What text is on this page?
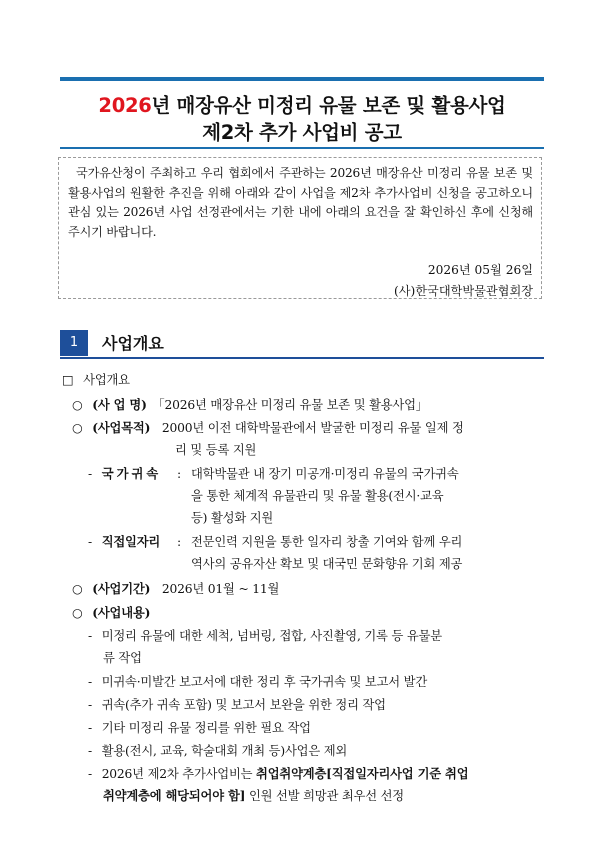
2026년 매장유산 미정리 유물 보존 및 활용사업
제2차 추가 사업비 공고
국가유산청이 주최하고 우리 협회에서 주관하는 2026년 매장유산 미정리 유물 보존 및 활용사업의 원활한 추진을 위해 아래와 같이 사업을 제2차 추가사업비 신청을 공고하오니 관심 있는 2026년 사업 선정관에서는 기한 내에 아래의 요건을 잘 확인하신 후에 신청해 주시기 바랍니다.
2026년 05월 26일
(사)한국대학박물관협회장
1	사업개요
□ 사업개요
○ (사 업 명) 「2026년 매장유산 미정리 유물 보존 및 활용사업」
○ (사업목적) 2000년 이전 대학박물관에서 발굴한 미정리 유물 일제 정
리 및 등록 지원
- 국가귀속 : 대학박물관 내 장기 미공개·미정리 유물의 국가귀속
을 통한 체계적 유물관리 및 유물 활용(전시·교육
등) 활성화 지원
- 직접일자리 : 전문인력 지원을 통한 일자리 창출 기여와 함께 우리
역사의 공유자산 확보 및 대국민 문화향유 기회 제공
○ (사업기간) 2026년 01월 ~ 11월
○ (사업내용)
- 미정리 유물에 대한 세척, 넘버링, 접합, 사진촬영, 기록 등 유물분
류 작업
- 미귀속·미발간 보고서에 대한 정리 후 국가귀속 및 보고서 발간
- 귀속(추가 귀속 포함) 및 보고서 보완을 위한 정리 작업
- 기타 미정리 유물 정리를 위한 필요 작업
- 활용(전시, 교육, 학술대회 개최 등)사업은 제외
- 2026년 제2차 추가사업비는 취업취약계층[직접일자리사업 기준 취업
취약계층에 해당되어야 함] 인원 선발 희망관 최우선 선정
